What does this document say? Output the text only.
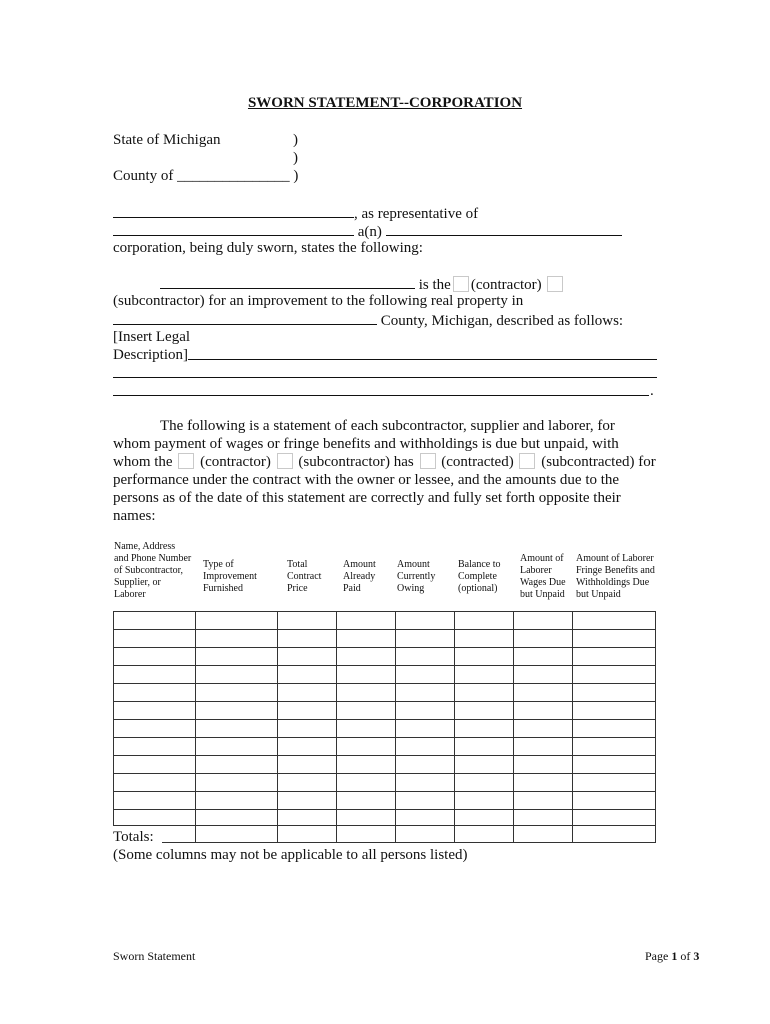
SWORN STATEMENT--CORPORATION
State of Michigan	)
)
County of _______________ )
, as representative of
a(n)
corporation, being duly sworn, states the following:
is the (contractor)
(subcontractor) for an improvement to the following real property in
County, Michigan, described as follows:
[Insert Legal
Description]
.
The following is a statement of each subcontractor, supplier and laborer, for
whom payment of wages or fringe benefits and withholdings is due but unpaid, with
whom the (contractor) (subcontractor) has (contracted) (subcontracted) for
performance under the contract with the owner or lessee, and the amounts due to the
persons as of the date of this statement are correctly and fully set forth opposite their
names:
Name, Address and Phone Number of Subcontractor, Supplier, or Laborer
Type of Improvement Furnished
Total Contract Price
Amount Already Paid
Amount Currently Owing
Balance to Complete (optional)
Amount of Laborer Wages Due but Unpaid
Amount of Laborer Fringe Benefits and Withholdings Due but Unpaid
Totals:
(Some columns may not be applicable to all persons listed)
Sworn Statement	Page 1 of 3
